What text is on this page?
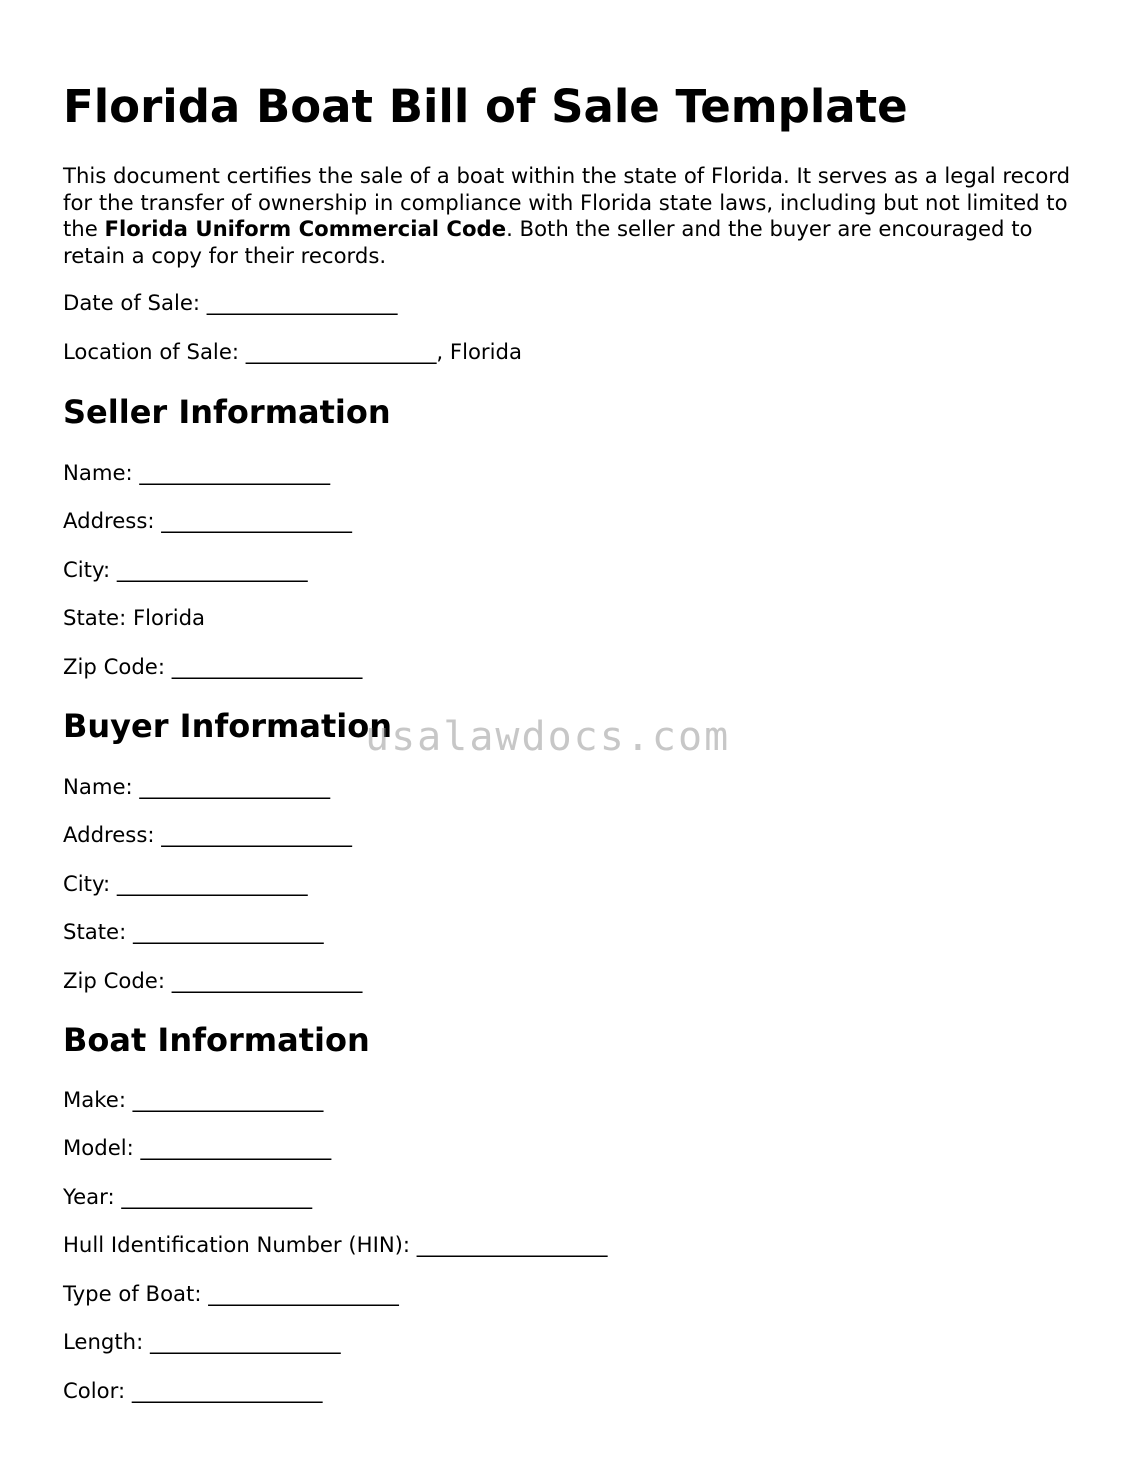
Florida Boat Bill of Sale Template

This document certifies the sale of a boat within the state of Florida. It serves as a legal record for the transfer of ownership in compliance with Florida state laws, including but not limited to the Florida Uniform Commercial Code. Both the seller and the buyer are encouraged to retain a copy for their records.

Date of Sale: __________________

Location of Sale: __________________, Florida

Seller Information

Name: __________________

Address: __________________

City: __________________

State: Florida

Zip Code: __________________

Buyer Information

Name: __________________

Address: __________________

City: __________________

State: __________________

Zip Code: __________________

Boat Information

Make: __________________

Model: __________________

Year: __________________

Hull Identification Number (HIN): __________________

Type of Boat: __________________

Length: __________________

Color: __________________

usalawdocs.com
